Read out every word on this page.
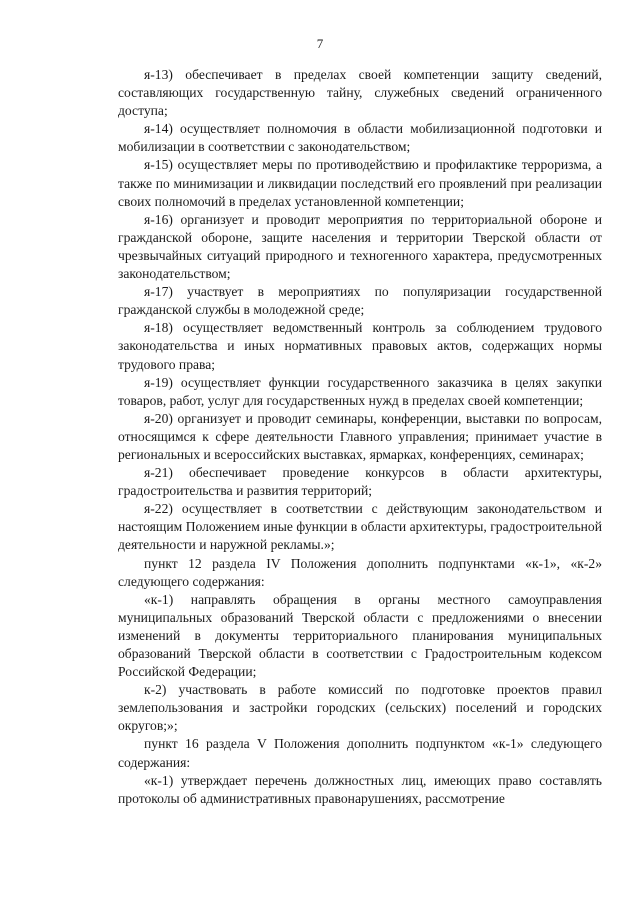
7

я-13) обеспечивает в пределах своей компетенции защиту сведений, составляющих государственную тайну, служебных сведений ограниченного доступа;

я-14) осуществляет полномочия в области мобилизационной подготовки и мобилизации в соответствии с законодательством;

я-15) осуществляет меры по противодействию и профилактике терроризма, а также по минимизации и ликвидации последствий его проявлений при реализации своих полномочий в пределах установленной компетенции;

я-16) организует и проводит мероприятия по территориальной обороне и гражданской обороне, защите населения и территории Тверской области от чрезвычайных ситуаций природного и техногенного характера, предусмотренных законодательством;

я-17) участвует в мероприятиях по популяризации государственной гражданской службы в молодежной среде;

я-18) осуществляет ведомственный контроль за соблюдением трудового законодательства и иных нормативных правовых актов, содержащих нормы трудового права;

я-19) осуществляет функции государственного заказчика в целях закупки товаров, работ, услуг для государственных нужд в пределах своей компетенции;

я-20) организует и проводит семинары, конференции, выставки по вопросам, относящимся к сфере деятельности Главного управления; принимает участие в региональных и всероссийских выставках, ярмарках, конференциях, семинарах;

я-21) обеспечивает проведение конкурсов в области архитектуры, градостроительства и развития территорий;

я-22) осуществляет в соответствии с действующим законодательством и настоящим Положением иные функции в области архитектуры, градостроительной деятельности и наружной рекламы.»;

пункт 12 раздела IV Положения дополнить подпунктами «к-1», «к-2» следующего содержания:

«к-1) направлять обращения в органы местного самоуправления муниципальных образований Тверской области с предложениями о внесении изменений в документы территориального планирования муниципальных образований Тверской области в соответствии с Градостроительным кодексом Российской Федерации;

к-2) участвовать в работе комиссий по подготовке проектов правил землепользования и застройки городских (сельских) поселений и городских округов;»;

пункт 16 раздела V Положения дополнить подпунктом «к-1» следующего содержания:

«к-1) утверждает перечень должностных лиц, имеющих право составлять протоколы об административных правонарушениях, рассмотрение
